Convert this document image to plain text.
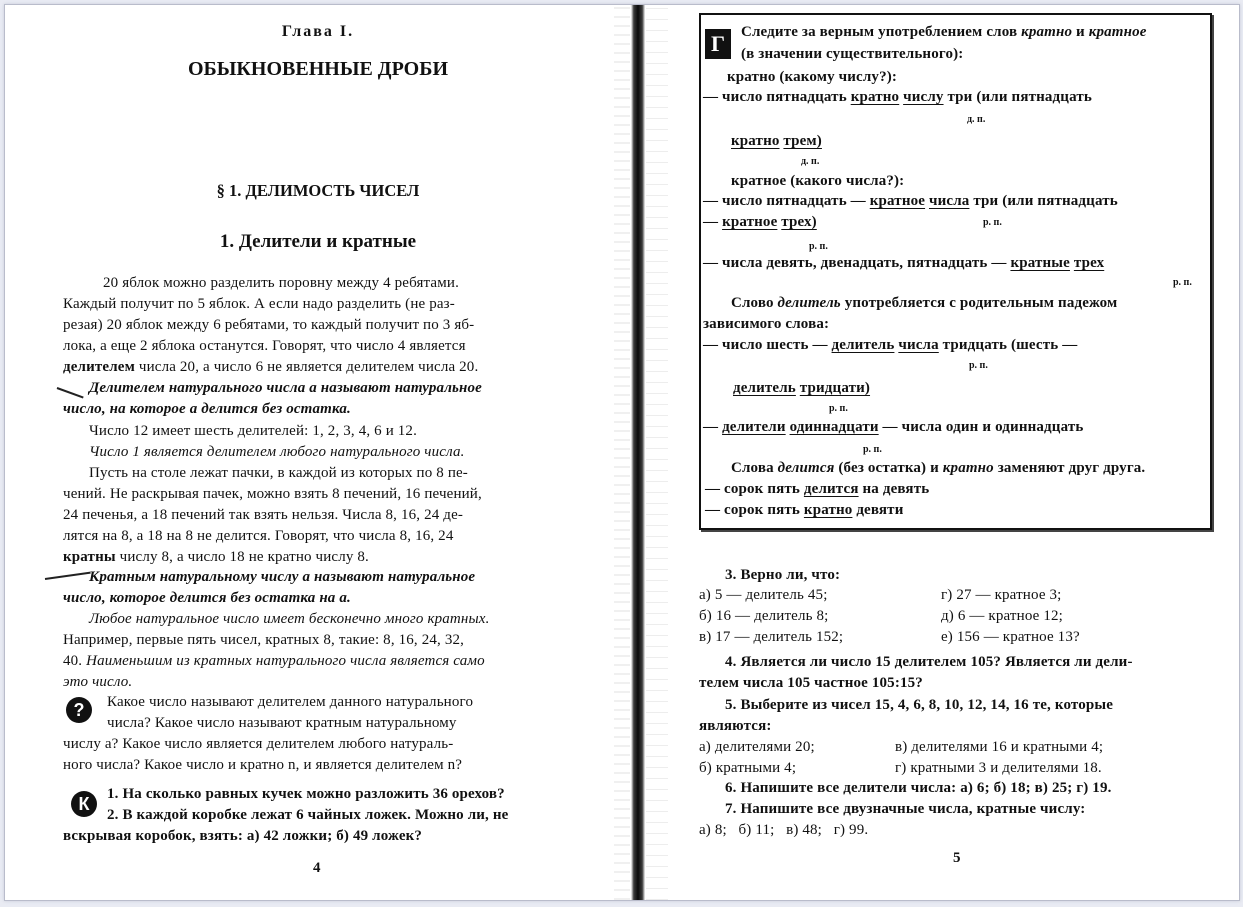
Глава I.
ОБЫКНОВЕННЫЕ ДРОБИ
§ 1. ДЕЛИМОСТЬ ЧИСЕЛ
1. Делители и кратные
20 яблок можно разделить поровну между 4 ребятами.
Каждый получит по 5 яблок. А если надо разделить (не раз-
резая) 20 яблок между 6 ребятами, то каждый получит по 3 яб-
лока, а еще 2 яблока останутся. Говорят, что число 4 является
делителем числа 20, а число 6 не является делителем числа 20.
Делителем натурального числа a называют натуральное
число, на которое a делится без остатка.
Число 12 имеет шесть делителей: 1, 2, 3, 4, 6 и 12.
Число 1 является делителем любого натурального числа.
Пусть на столе лежат пачки, в каждой из которых по 8 пе-
чений. Не раскрывая пачек, можно взять 8 печений, 16 печений,
24 печенья, а 18 печений так взять нельзя. Числа 8, 16, 24 де-
лятся на 8, а 18 на 8 не делится. Говорят, что числа 8, 16, 24
кратны числу 8, а число 18 не кратно числу 8.
Кратным натуральному числу a называют натуральное
число, которое делится без остатка на a.
Любое натуральное число имеет бесконечно много кратных.
Например, первые пять чисел, кратных 8, такие: 8, 16, 24, 32,
40. Наименьшим из кратных натурального числа является само
это число.
?	Какое число называют делителем данного натурального
числа? Какое число называют кратным натуральному
числу a? Какое число является делителем любого натураль-
ного числа? Какое число и кратно n, и является делителем n?
К	1. На сколько равных кучек можно разложить 36 орехов?
2. В каждой коробке лежат 6 чайных ложек. Можно ли, не
вскрывая коробок, взять: а) 42 ложки; б) 49 ложек?
4
Г	Следите за верным употреблением слов кратно и кратное
(в значении существительного):
кратно (какому числу?):
— число пятнадцать кратно числу три (или пятнадцать
д. п.
кратно трем)
д. п.
кратное (какого числа?):
— число пятнадцать — кратное числа три (или пятнадцать
— кратное трех)	р. п.
р. п.
— числа девять, двенадцать, пятнадцать — кратные трех
р. п.
Слово делитель употребляется с родительным падежом
зависимого слова:
— число шесть — делитель числа тридцать (шесть —
р. п.
делитель тридцати)
р. п.
— делители одиннадцати — числа один и одиннадцать
р. п.
Слова делится (без остатка) и кратно заменяют друг друга.
— сорок пять делится на девять
— сорок пять кратно девяти
3. Верно ли, что:
а) 5 — делитель 45;
б) 16 — делитель 8;
в) 17 — делитель 152;
г) 27 — кратное 3;
д) 6 — кратное 12;
е) 156 — кратное 13?
4. Является ли число 15 делителем 105? Является ли дели-
телем числа 105 частное 105:15?
5. Выберите из чисел 15, 4, 6, 8, 10, 12, 14, 16 те, которые
являются:
а) делителями 20;
б) кратными 4;
в) делителями 16 и кратными 4;
г) кратными 3 и делителями 18.
6. Напишите все делители числа: а) 6; б) 18; в) 25; г) 19.
7. Напишите все двузначные числа, кратные числу:
а) 8;   б) 11;   в) 48;   г) 99.
5
